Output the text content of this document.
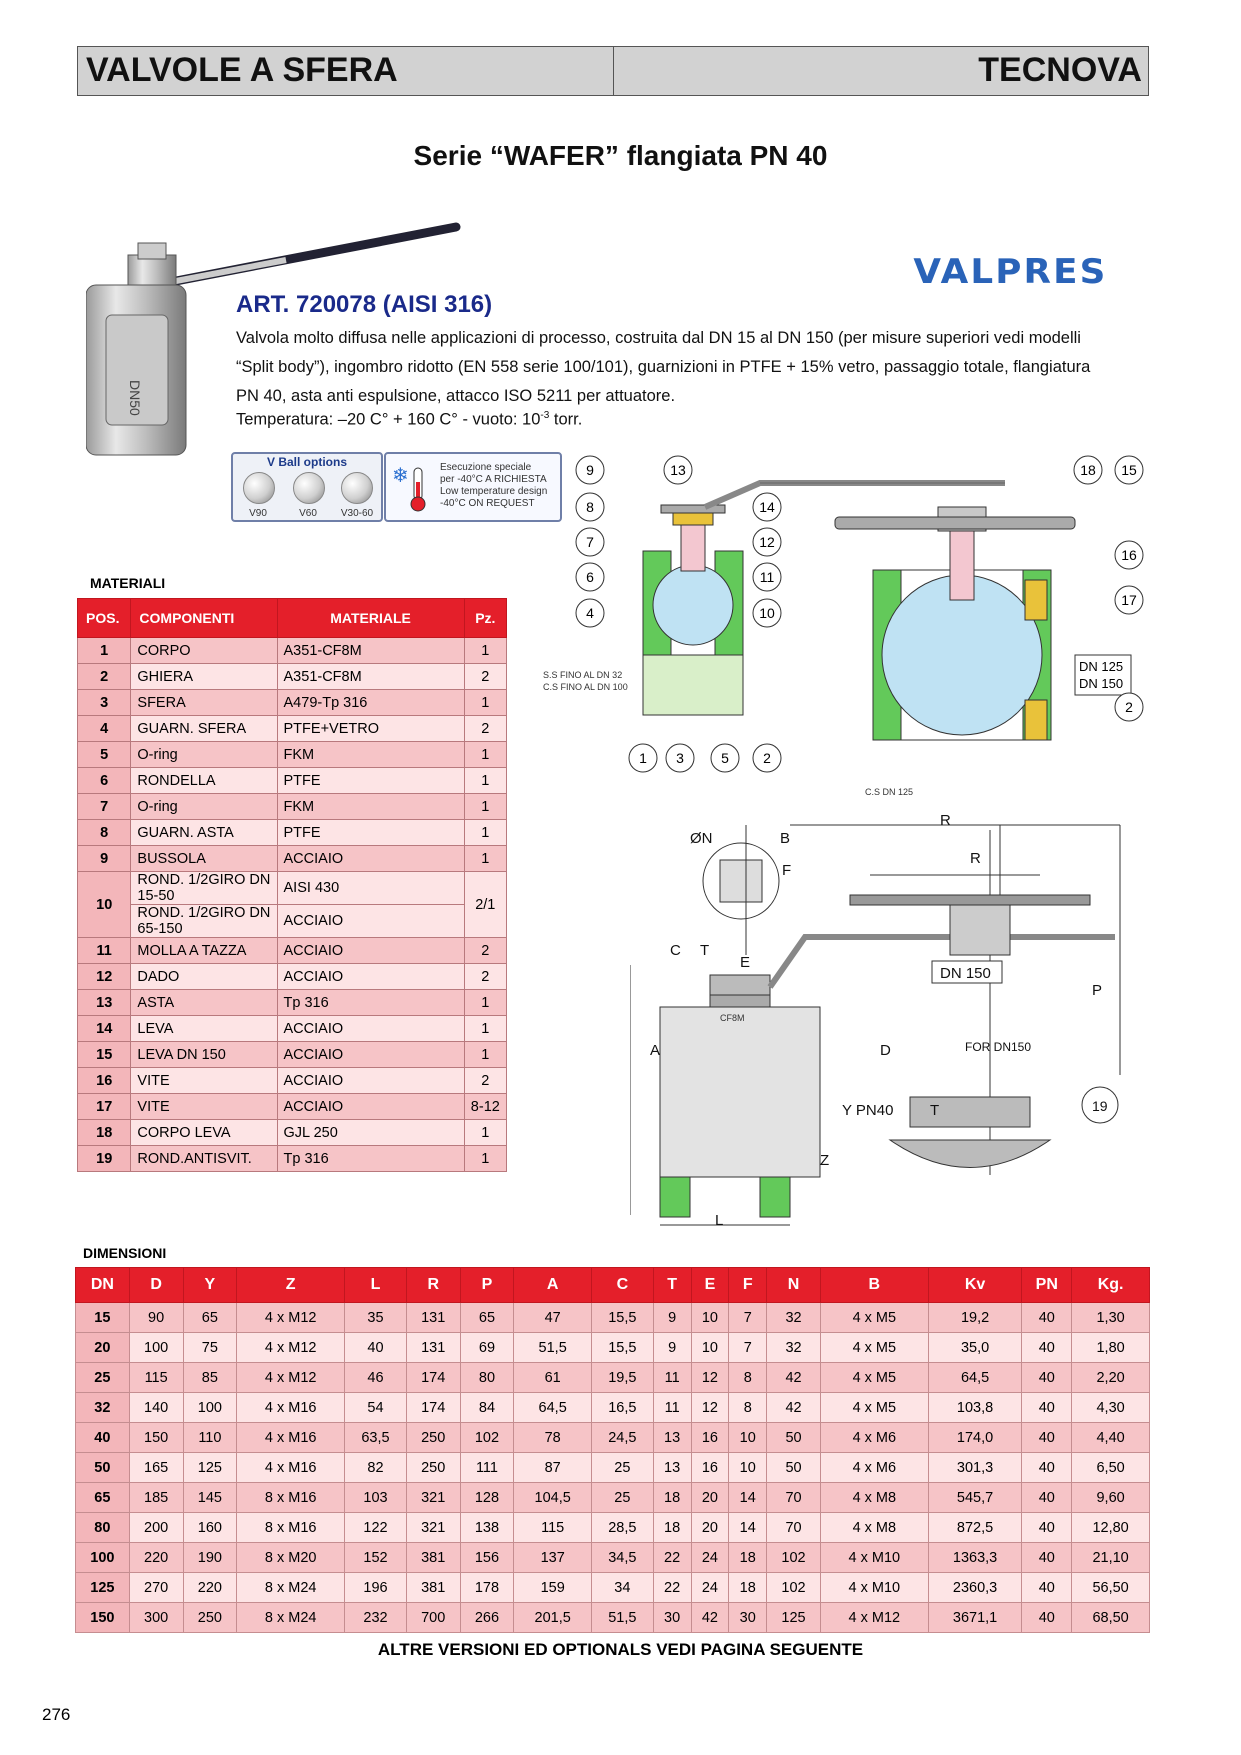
VALVOLE A SFERA	TECNOVA
Serie “WAFER” flangiata PN 40
DN50
VALPRES
ART. 720078 (AISI 316)
Valvola molto diffusa nelle applicazioni di processo, costruita dal DN 15 al DN 150 (per misure superiori vedi modelli
“Split body”), ingombro ridotto (EN 558 serie 100/101), guarnizioni in PTFE + 15% vetro, passaggio totale, flangiatura
PN 40, asta anti espulsione, attacco ISO 5211 per attuatore.
Temperatura: –20 C° + 160 C° - vuoto: $10^{-3}$ torr.
V Ball options
V90	V60	V30-60
❄	Esecuzione speciale
per -40°C A RICHIESTA
Low temperature design
-40°C ON REQUEST
MATERIALI
POS.	COMPONENTI	MATERIALE	Pz.
1	CORPO	A351-CF8M	1
2	GHIERA	A351-CF8M	2
3	SFERA	A479-Tp 316	1
4	GUARN. SFERA	PTFE+VETRO	2
5	O-ring	FKM	1
6	RONDELLA	PTFE	1
7	O-ring	FKM	1
8	GUARN. ASTA	PTFE	1
9	BUSSOLA	ACCIAIO	1
10	ROND. 1/2GIRO DN 15-50	AISI 430	2/1
	ROND. 1/2GIRO DN 65-150	ACCIAIO	
11	MOLLA A TAZZA	ACCIAIO	2
12	DADO	ACCIAIO	2
13	ASTA	Tp 316	1
14	LEVA	ACCIAIO	1
15	LEVA DN 150	ACCIAIO	1
16	VITE	ACCIAIO	2
17	VITE	ACCIAIO	8-12
18	CORPO LEVA	GJL 250	1
19	ROND.ANTISVIT.	Tp 316	1
S.S FINO AL DN 32
C.S FINO AL DN 100
C.S DN 125
DN 125
DN 150
9	13
8	14
7	12
6	11
4	10
1 3	5 2
18 15
16
17
2
CF8M
DN 150
FOR DN150
19
ØN	B
F
E
C T
A
R
P
D
Y PN40
Z
L
R
T
DIMENSIONI
DN	D	Y	Z	L	R	P	A	C	T	E	F	N	B	Kv	PN	Kg.
15	90	65	4 x M12	35	131	65	47	15,5	9	10	7	32	4 x M5	19,2	40	1,30
20	100	75	4 x M12	40	131	69	51,5	15,5	9	10	7	32	4 x M5	35,0	40	1,80
25	115	85	4 x M12	46	174	80	61	19,5	11	12	8	42	4 x M5	64,5	40	2,20
32	140	100	4 x M16	54	174	84	64,5	16,5	11	12	8	42	4 x M5	103,8	40	4,30
40	150	110	4 x M16	63,5	250	102	78	24,5	13	16	10	50	4 x M6	174,0	40	4,40
50	165	125	4 x M16	82	250	111	87	25	13	16	10	50	4 x M6	301,3	40	6,50
65	185	145	8 x M16	103	321	128	104,5	25	18	20	14	70	4 x M8	545,7	40	9,60
80	200	160	8 x M16	122	321	138	115	28,5	18	20	14	70	4 x M8	872,5	40	12,80
100	220	190	8 x M20	152	381	156	137	34,5	22	24	18	102	4 x M10	1363,3	40	21,10
125	270	220	8 x M24	196	381	178	159	34	22	24	18	102	4 x M10	2360,3	40	56,50
150	300	250	8 x M24	232	700	266	201,5	51,5	30	42	30	125	4 x M12	3671,1	40	68,50
ALTRE VERSIONI ED OPTIONALS VEDI PAGINA SEGUENTE
276
